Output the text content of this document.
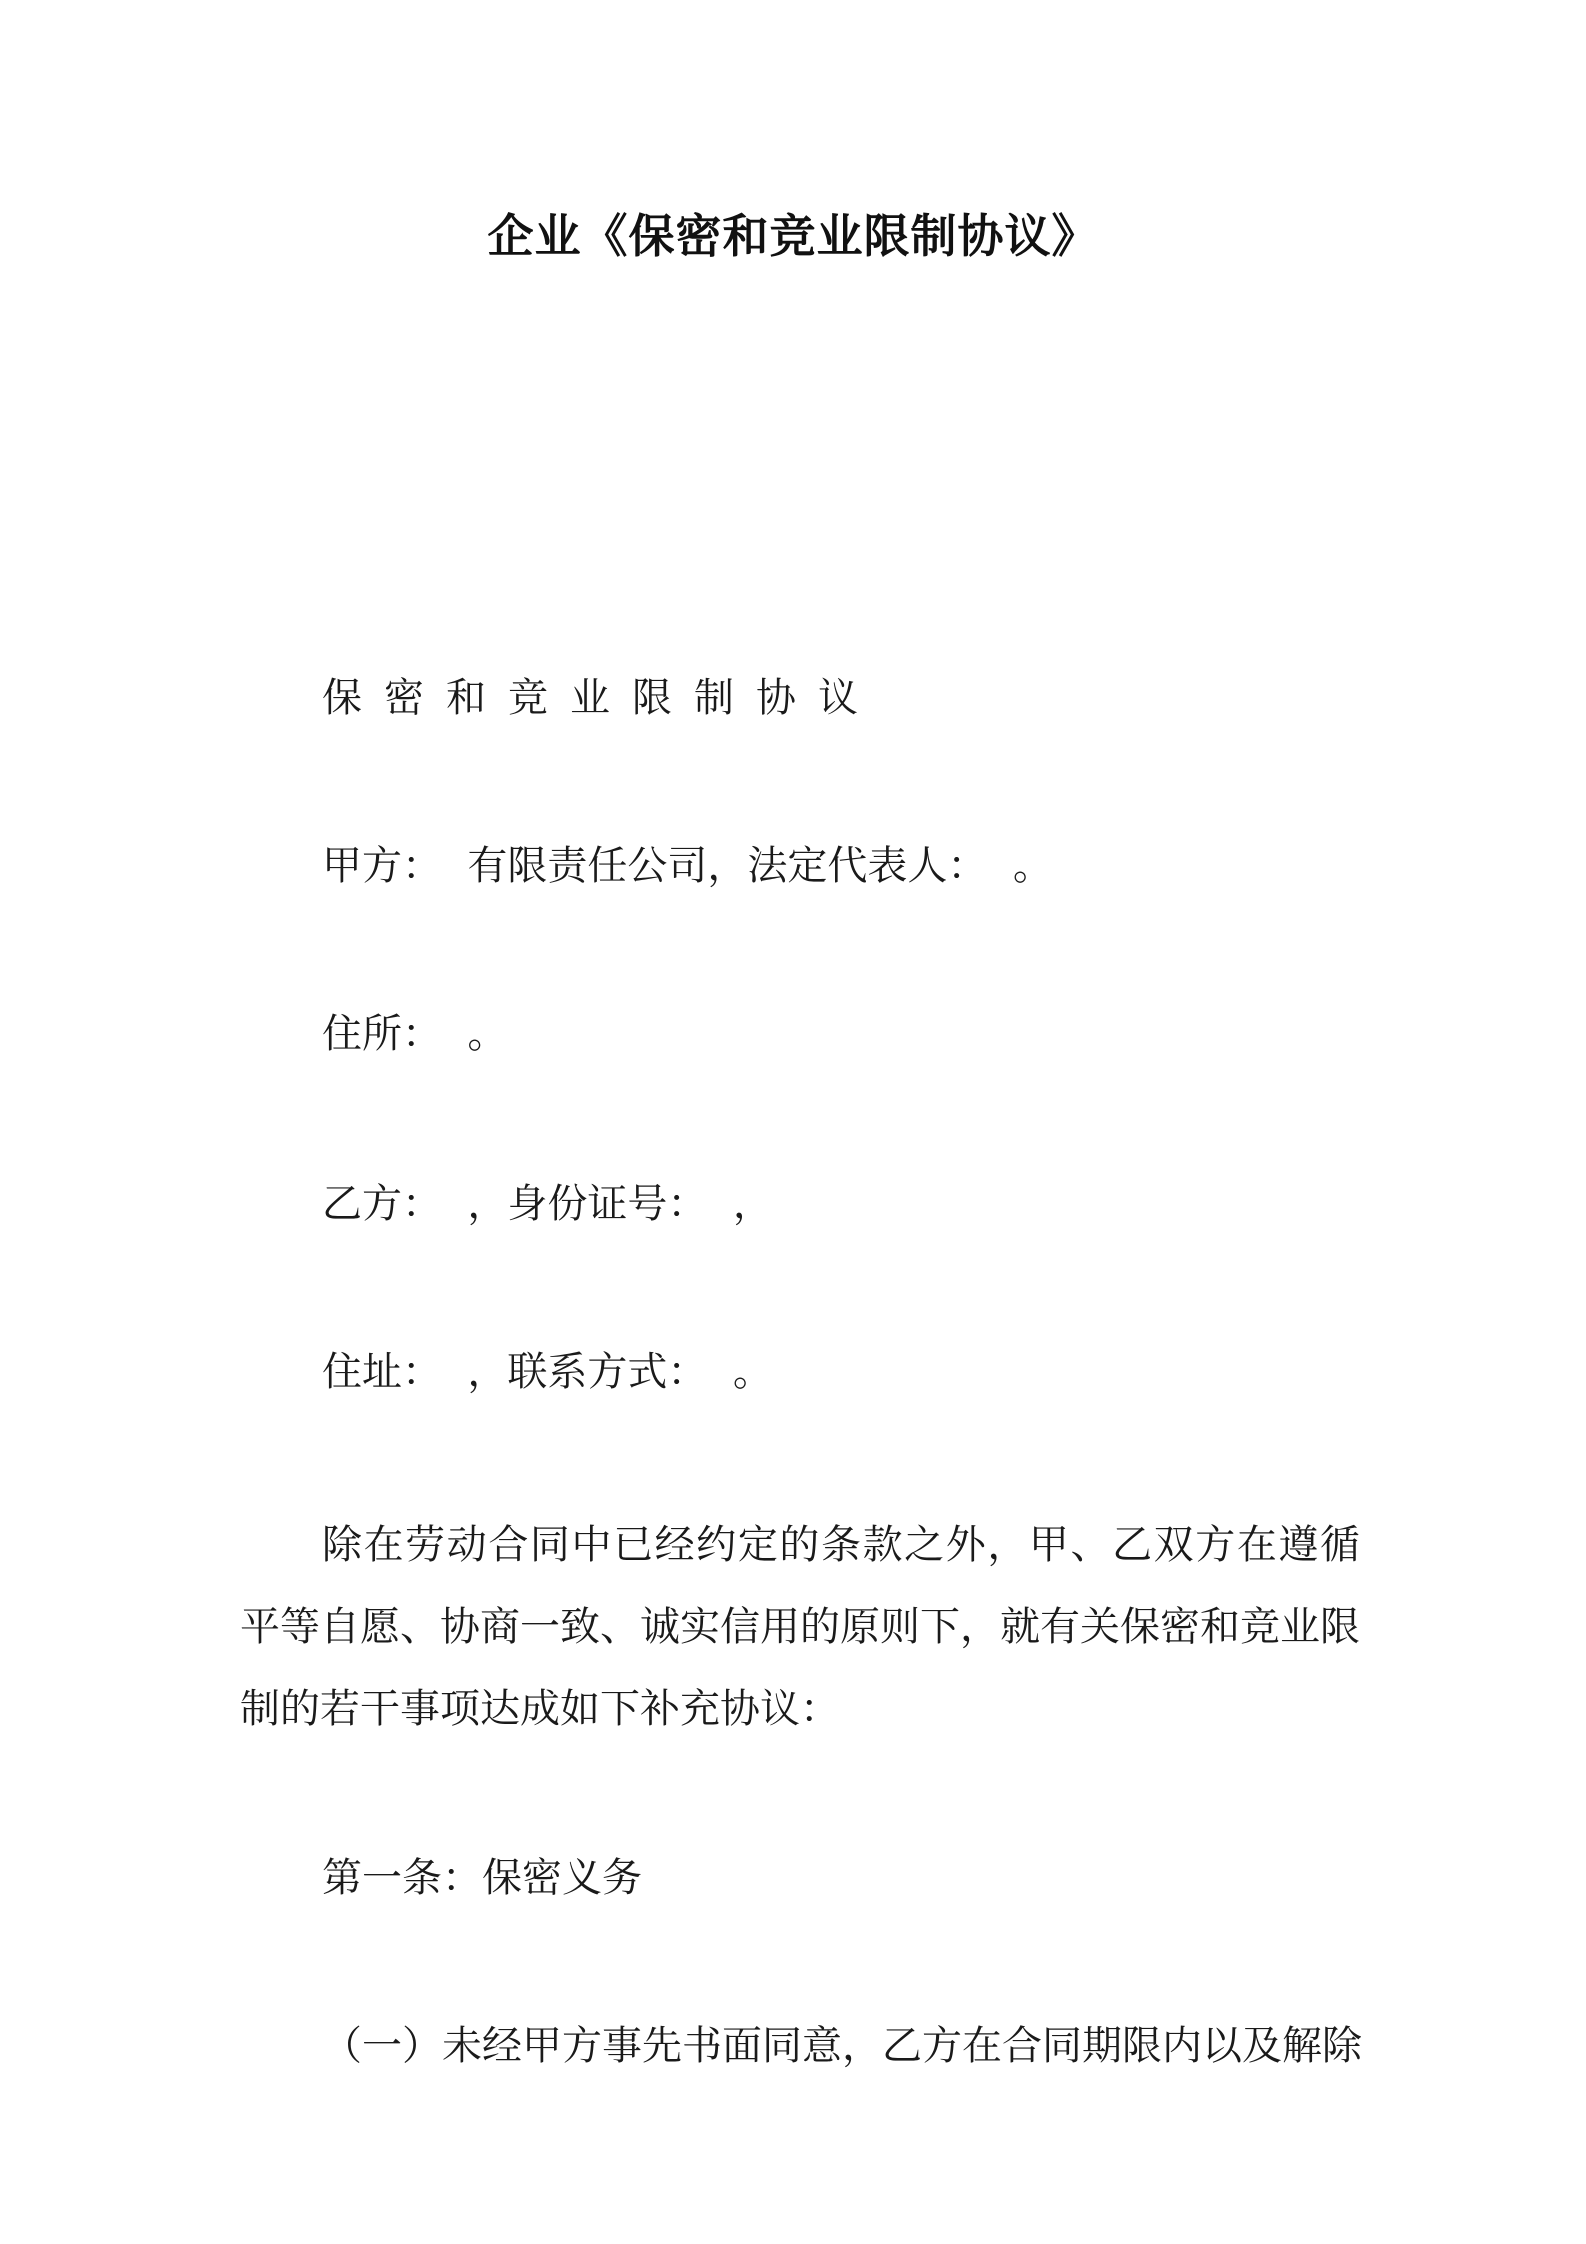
企业《保密和竞业限制协议》

保密和竞业限制协议

甲方：  有限责任公司，法定代表人：  。

住所：  。

乙方：  ，身份证号：  ，

住址：  ，联系方式：  。

除在劳动合同中已经约定的条款之外，甲、乙双方在遵循平等自愿、协商一致、诚实信用的原则下，就有关保密和竞业限制的若干事项达成如下补充协议：

第一条：保密义务

（一）未经甲方事先书面同意，乙方在合同期限内以及解除
